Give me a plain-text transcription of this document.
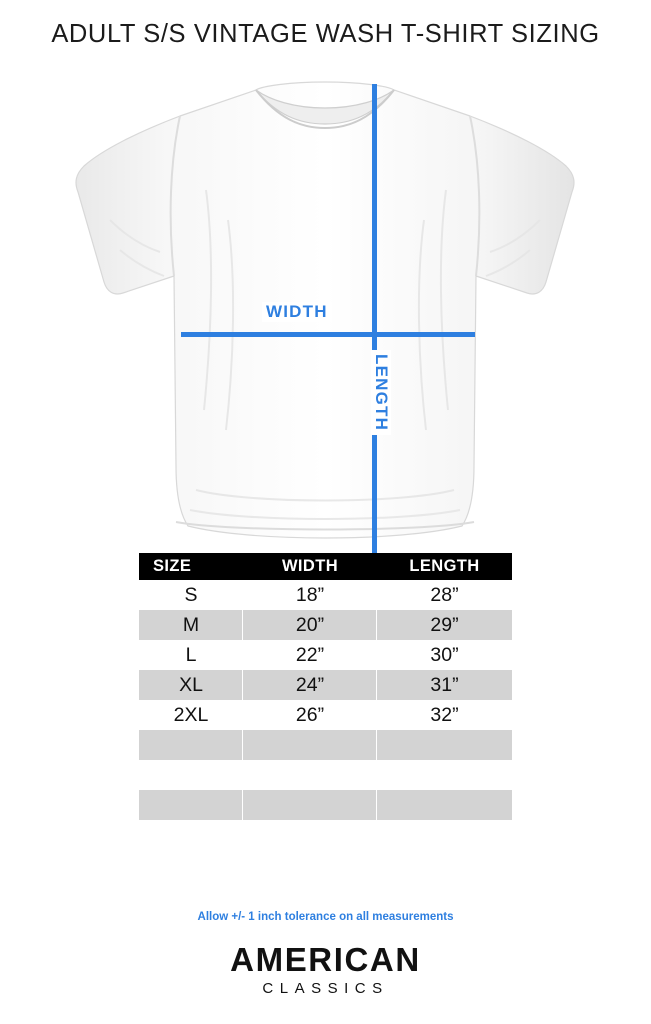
ADULT S/S VINTAGE WASH T-SHIRT SIZING
WIDTH
LENGTH
SIZE	WIDTH	LENGTH
S	18”	28”
M	20”	29”
L	22”	30”
XL	24”	31”
2XL	26”	32”

Allow +/- 1 inch tolerance on all measurements
AMERICAN
CLASSICS
